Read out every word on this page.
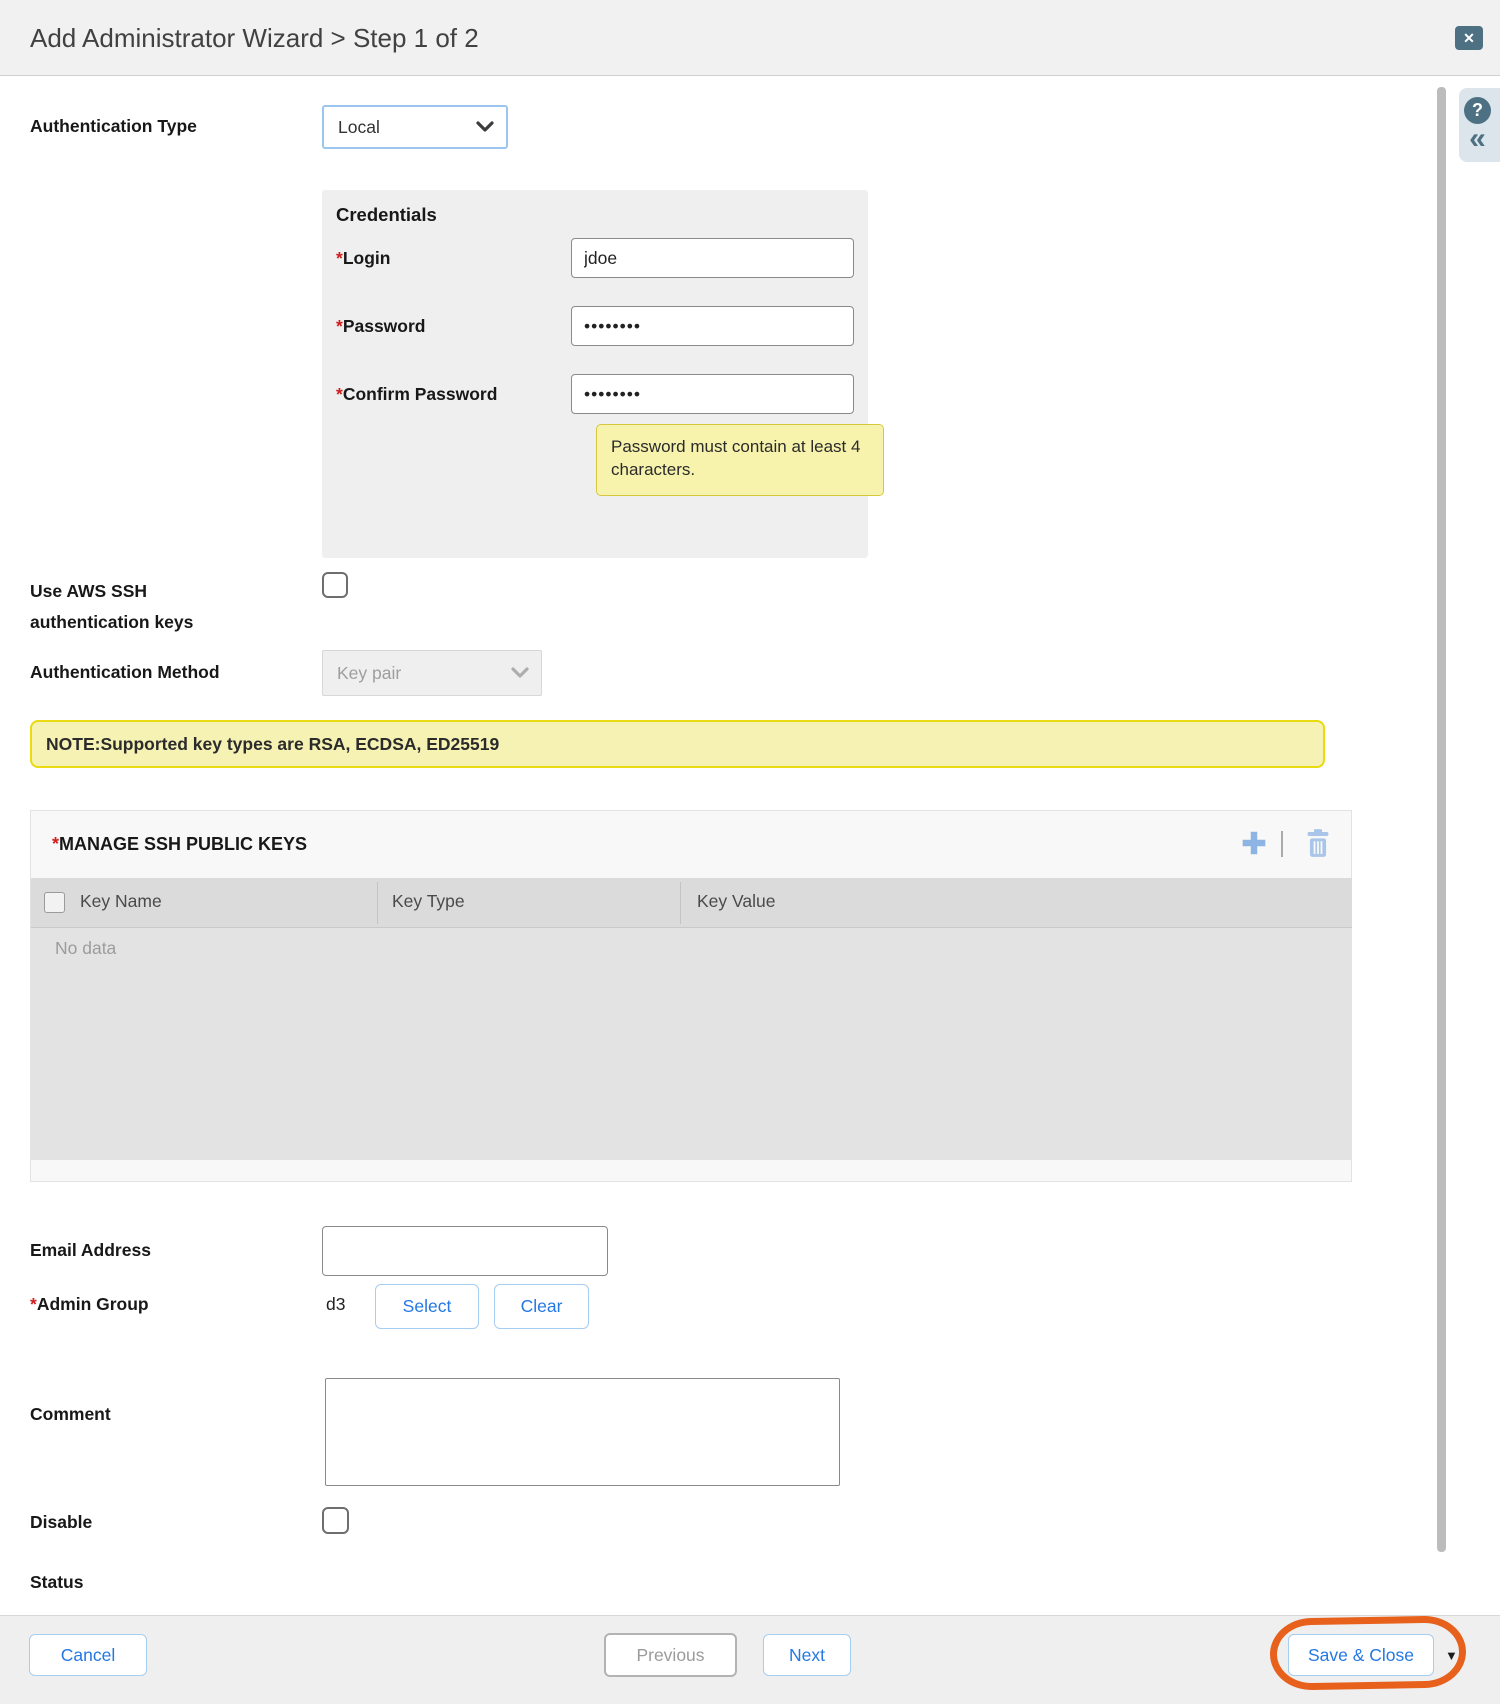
Add Administrator Wizard > Step 1 of 2	✕
?
«
Authentication Type	Local
Credentials
*Login
jdoe
*Password
••••••••
*Confirm Password
••••••••
Password must contain at least 4 characters.
Use AWS SSH authentication keys
Authentication Method	Key pair
NOTE:Supported key types are RSA, ECDSA, ED25519
*MANAGE SSH PUBLIC KEYS
Key Name	Key Type	Key Value
No data
Email Address
*Admin Group	d3	Select	Clear
Comment
Disable
Status
Cancel	Previous	Next	Save & Close	▼
